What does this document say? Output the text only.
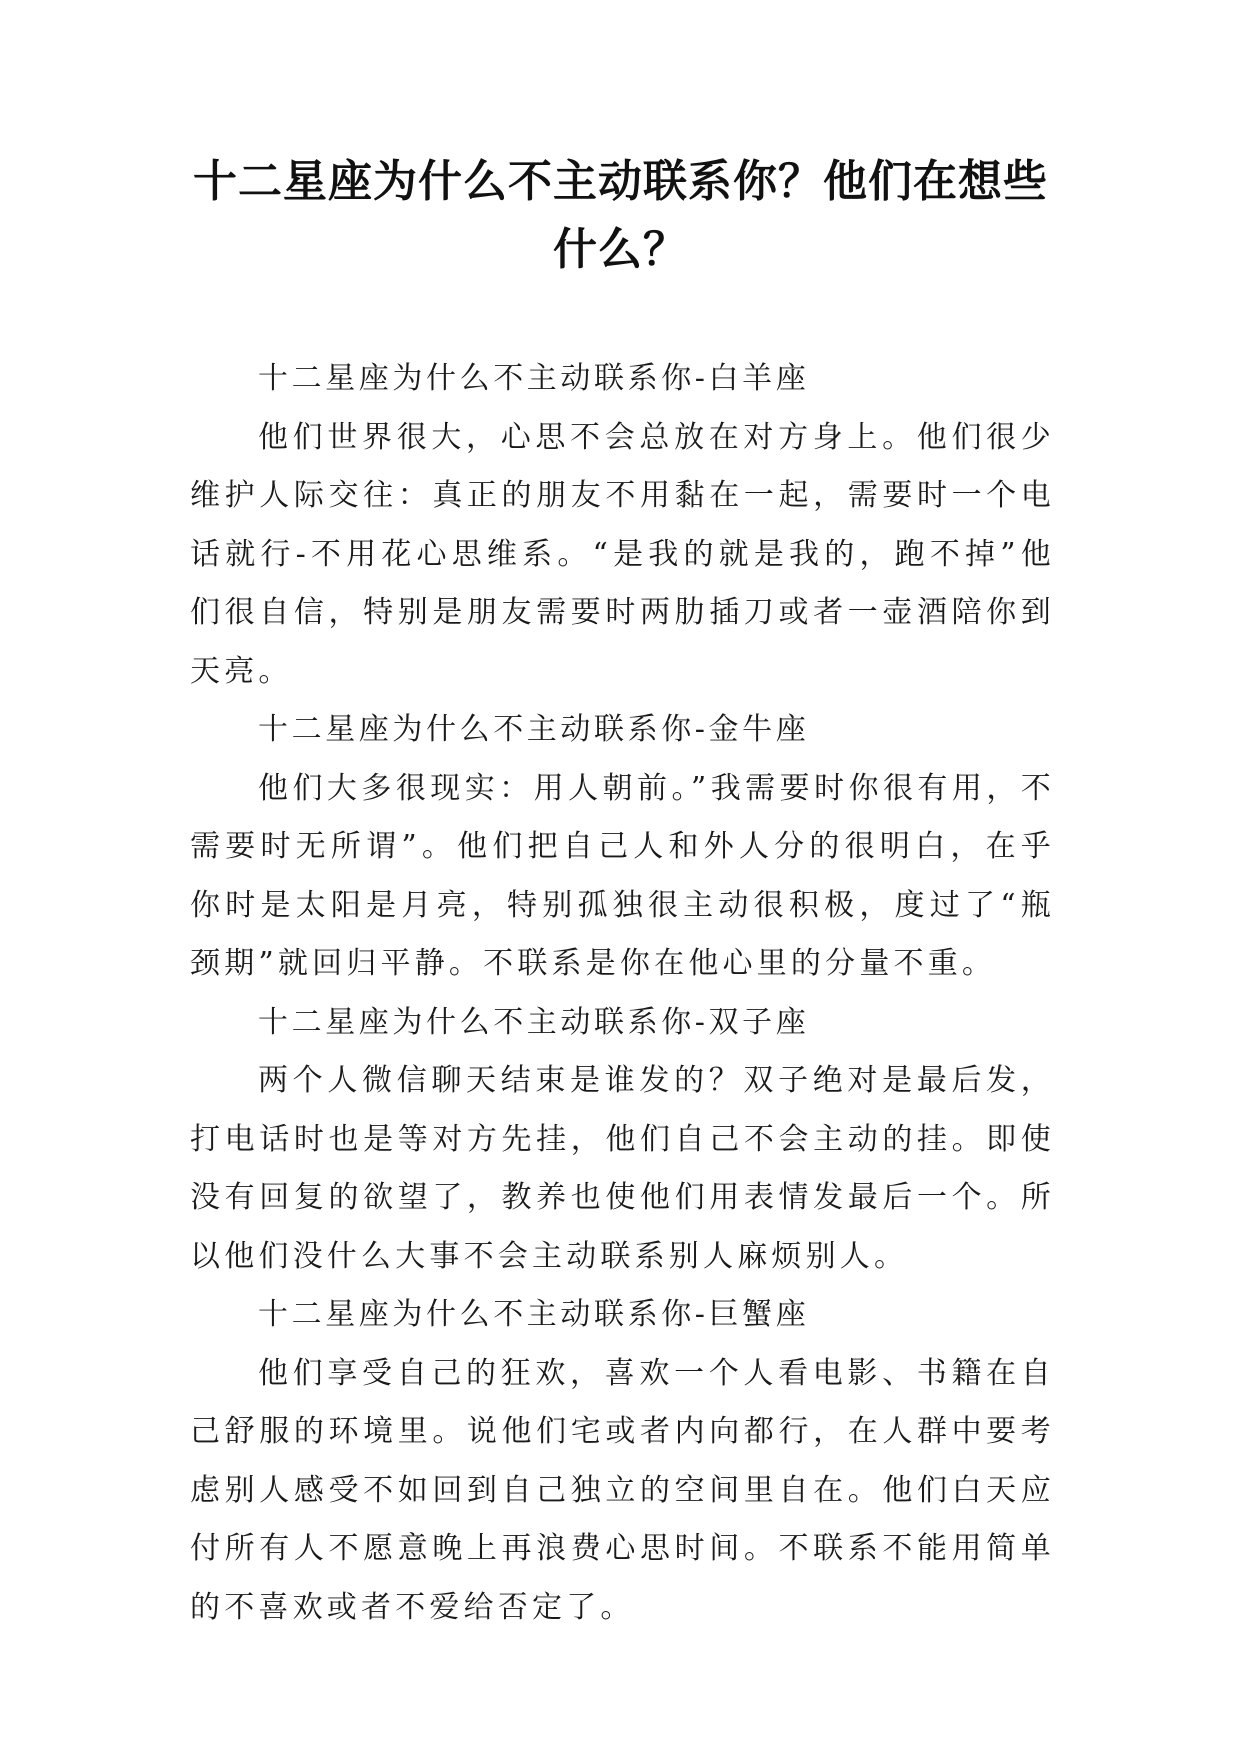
十二星座为什么不主动联系你？他们在想些什么？

十二星座为什么不主动联系你-白羊座

他们世界很大，心思不会总放在对方身上。他们很少维护人际交往：真正的朋友不用黏在一起，需要时一个电话就行-不用花心思维系。“是我的就是我的，跑不掉”他们很自信，特别是朋友需要时两肋插刀或者一壶酒陪你到天亮。

十二星座为什么不主动联系你-金牛座

他们大多很现实：用人朝前。”我需要时你很有用，不需要时无所谓”。他们把自己人和外人分的很明白，在乎你时是太阳是月亮，特别孤独很主动很积极，度过了“瓶颈期”就回归平静。不联系是你在他心里的分量不重。

十二星座为什么不主动联系你-双子座

两个人微信聊天结束是谁发的？双子绝对是最后发，打电话时也是等对方先挂，他们自己不会主动的挂。即使没有回复的欲望了，教养也使他们用表情发最后一个。所以他们没什么大事不会主动联系别人麻烦别人。

十二星座为什么不主动联系你-巨蟹座

他们享受自己的狂欢，喜欢一个人看电影、书籍在自己舒服的环境里。说他们宅或者内向都行，在人群中要考虑别人感受不如回到自己独立的空间里自在。他们白天应付所有人不愿意晚上再浪费心思时间。不联系不能用简单的不喜欢或者不爱给否定了。
